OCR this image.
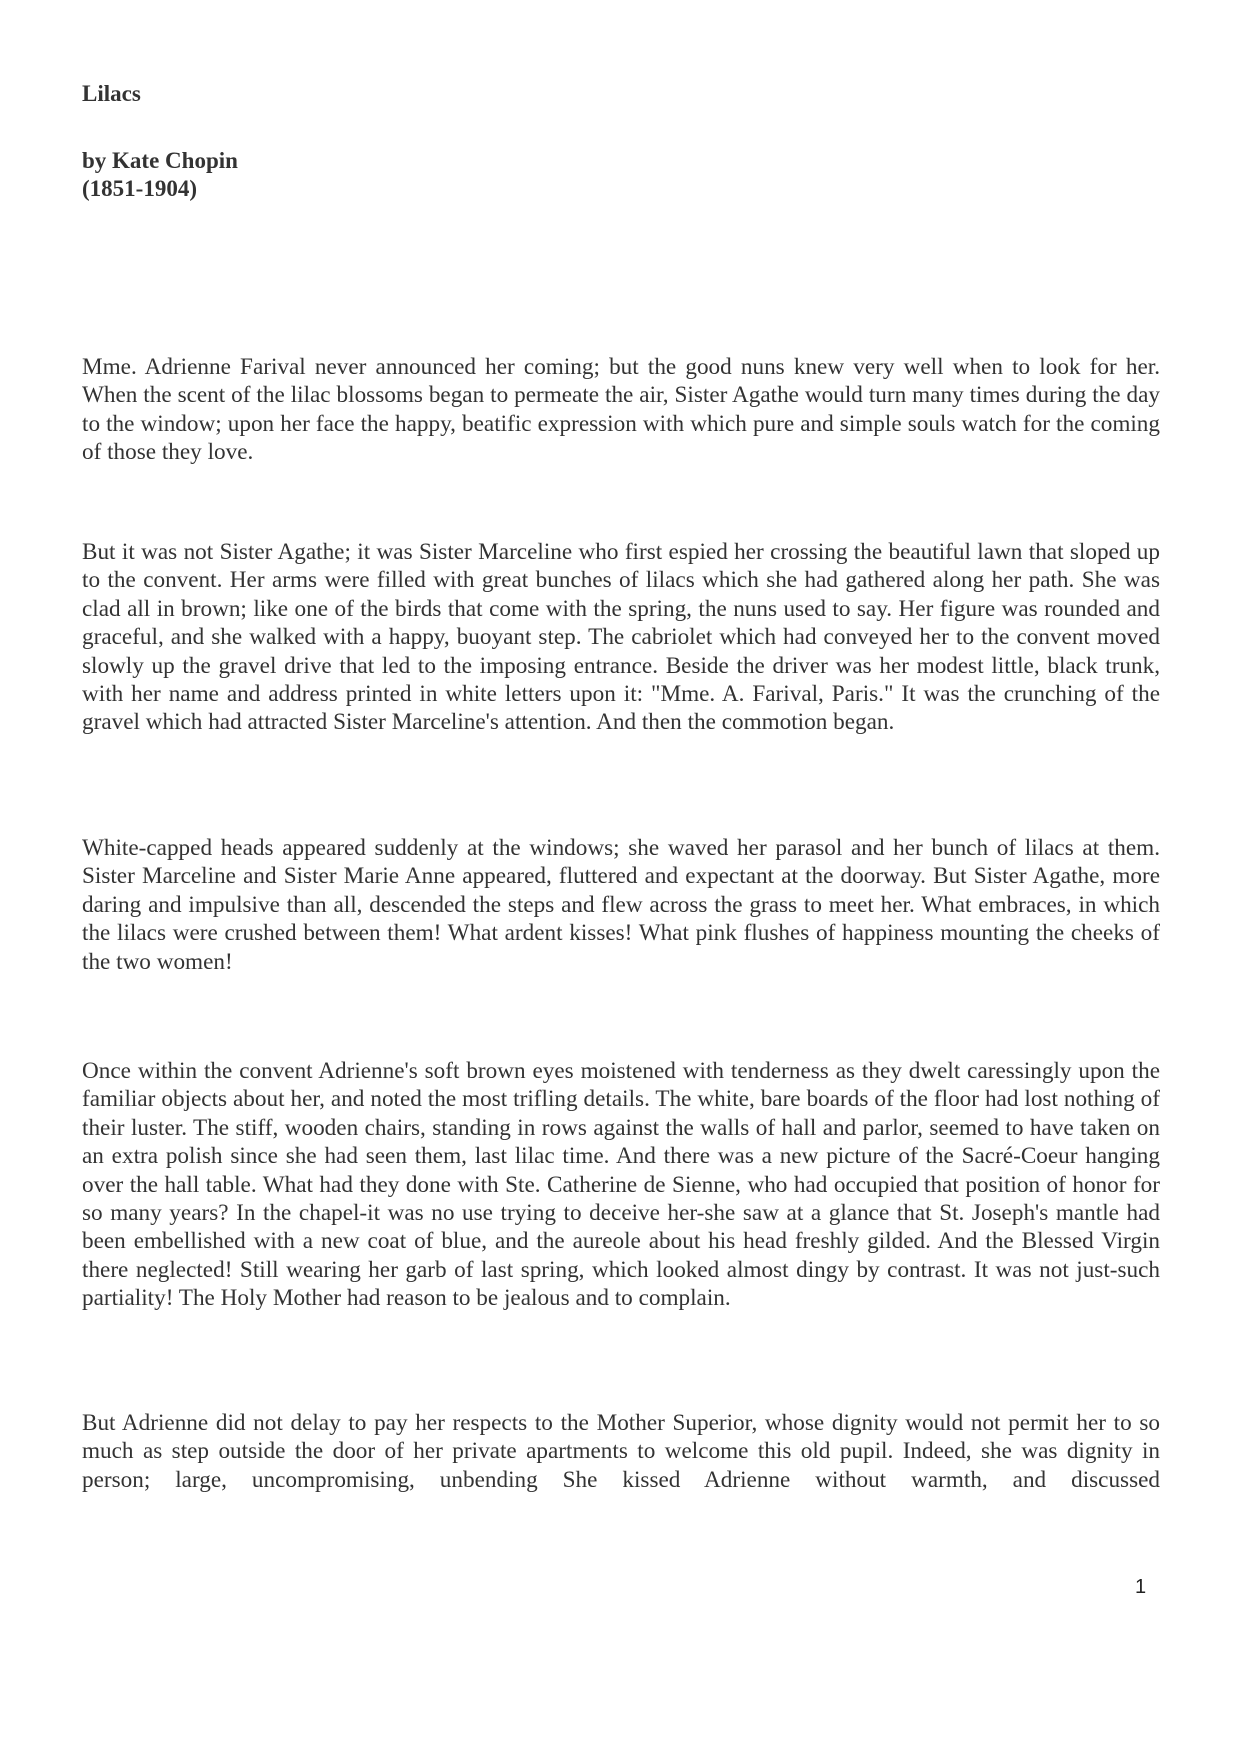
Lilacs
by Kate Chopin
(1851-1904)

Mme. Adrienne Farival never announced her coming; but the good nuns knew very well when to look for her. When the scent of the lilac blossoms began to permeate the air, Sister Agathe would turn many times during the day to the window; upon her face the happy, beatific expression with which pure and simple souls watch for the coming of those they love.

But it was not Sister Agathe; it was Sister Marceline who first espied her crossing the beautiful lawn that sloped up to the convent. Her arms were filled with great bunches of lilacs which she had gathered along her path. She was clad all in brown; like one of the birds that come with the spring, the nuns used to say. Her figure was rounded and graceful, and she walked with a happy, buoyant step. The cabriolet which had conveyed her to the convent moved slowly up the gravel drive that led to the imposing entrance. Beside the driver was her modest little, black trunk, with her name and address printed in white letters upon it: "Mme. A. Farival, Paris." It was the crunching of the gravel which had attracted Sister Marceline's attention. And then the commotion began.

White-capped heads appeared suddenly at the windows; she waved her parasol and her bunch of lilacs at them. Sister Marceline and Sister Marie Anne appeared, fluttered and expectant at the doorway. But Sister Agathe, more daring and impulsive than all, descended the steps and flew across the grass to meet her. What embraces, in which the lilacs were crushed between them! What ardent kisses! What pink flushes of happiness mounting the cheeks of the two women!

Once within the convent Adrienne's soft brown eyes moistened with tenderness as they dwelt caressingly upon the familiar objects about her, and noted the most trifling details. The white, bare boards of the floor had lost nothing of their luster. The stiff, wooden chairs, standing in rows against the walls of hall and parlor, seemed to have taken on an extra polish since she had seen them, last lilac time. And there was a new picture of the Sacré-Coeur hanging over the hall table. What had they done with Ste. Catherine de Sienne, who had occupied that position of honor for so many years? In the chapel-it was no use trying to deceive her-she saw at a glance that St. Joseph's mantle had been embellished with a new coat of blue, and the aureole about his head freshly gilded. And the Blessed Virgin there neglected! Still wearing her garb of last spring, which looked almost dingy by contrast. It was not just-such partiality! The Holy Mother had reason to be jealous and to complain.

But Adrienne did not delay to pay her respects to the Mother Superior, whose dignity would not permit her to so much as step outside the door of her private apartments to welcome this old pupil. Indeed, she was dignity in person; large, uncompromising, unbending She kissed Adrienne without warmth, and discussed

1
